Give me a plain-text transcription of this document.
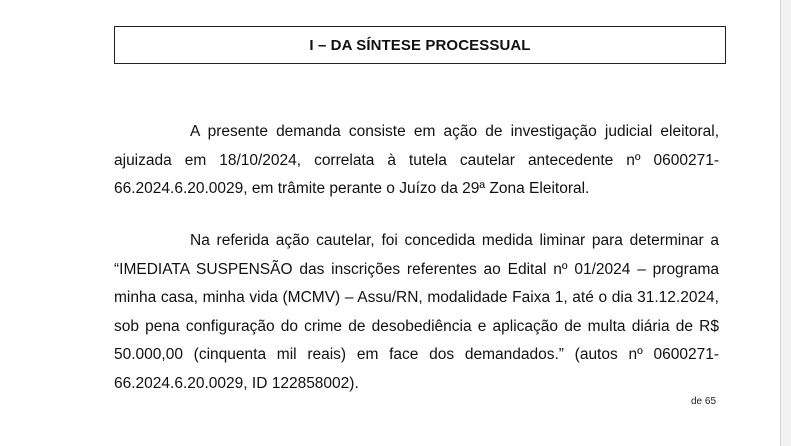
I – DA SÍNTESE PROCESSUAL

A presente demanda consiste em ação de investigação judicial eleitoral, ajuizada em 18/10/2024, correlata à tutela cautelar antecedente nº 0600271-66.2024.6.20.0029, em trâmite perante o Juízo da 29ª Zona Eleitoral.

Na referida ação cautelar, foi concedida medida liminar para determinar a “IMEDIATA SUSPENSÃO das inscrições referentes ao Edital nº 01/2024 – programa minha casa, minha vida (MCMV) – Assu/RN, modalidade Faixa 1, até o dia 31.12.2024, sob pena configuração do crime de desobediência e aplicação de multa diária de R$ 50.000,00 (cinquenta mil reais) em face dos demandados.” (autos nº 0600271-66.2024.6.20.0029, ID 122858002).

de 65
